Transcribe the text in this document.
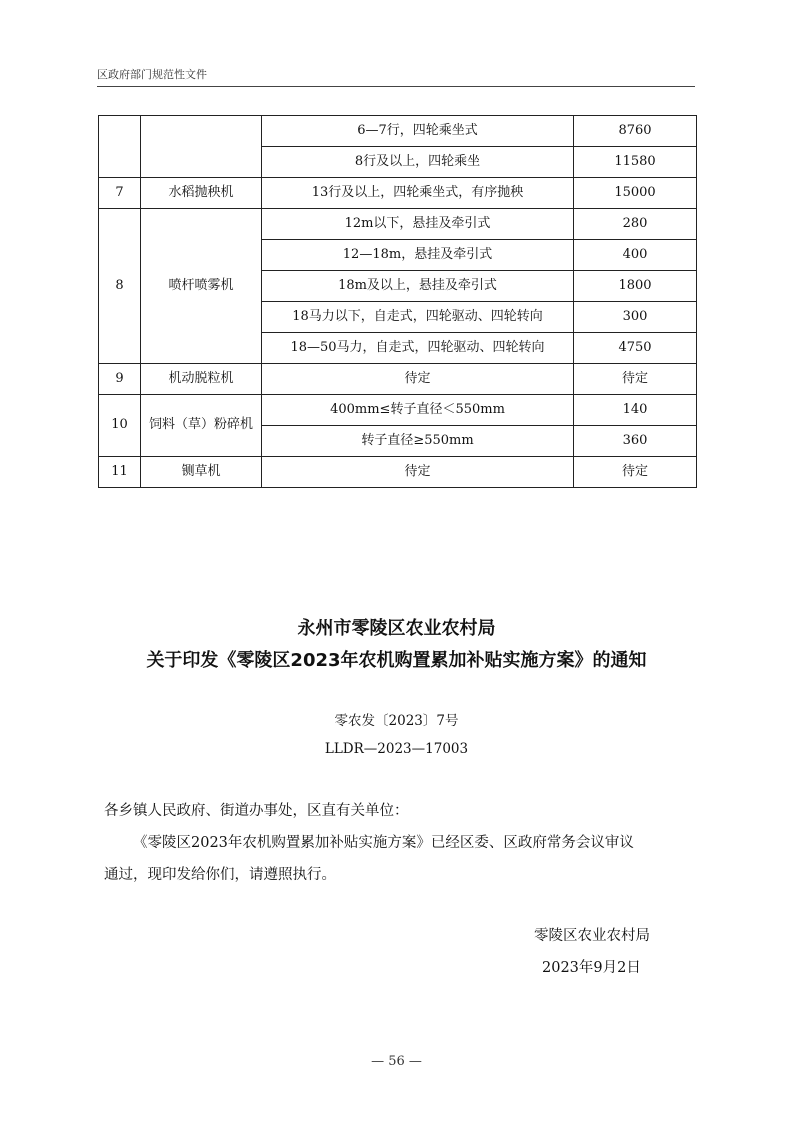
区政府部门规范性文件
		6—7行，四轮乘坐式	8760
		8行及以上，四轮乘坐	11580
7	水稻抛秧机	13行及以上，四轮乘坐式，有序抛秧	15000
8	喷杆喷雾机	12m以下，悬挂及牵引式	280
		12—18m，悬挂及牵引式	400
		18m及以上，悬挂及牵引式	1800
		18马力以下，自走式，四轮驱动、四轮转向	300
		18—50马力，自走式，四轮驱动、四轮转向	4750
9	机动脱粒机	待定	待定
10	饲料（草）粉碎机	400mm≤转子直径＜550mm	140
		转子直径≥550mm	360
11	铡草机	待定	待定
永州市零陵区农业农村局
关于印发《零陵区2023年农机购置累加补贴实施方案》的通知
零农发〔2023〕7号
LLDR—2023—17003
各乡镇人民政府、街道办事处，区直有关单位：
《零陵区2023年农机购置累加补贴实施方案》已经区委、区政府常务会议审议
通过，现印发给你们，请遵照执行。
零陵区农业农村局
2023年9月2日
— 56 —
